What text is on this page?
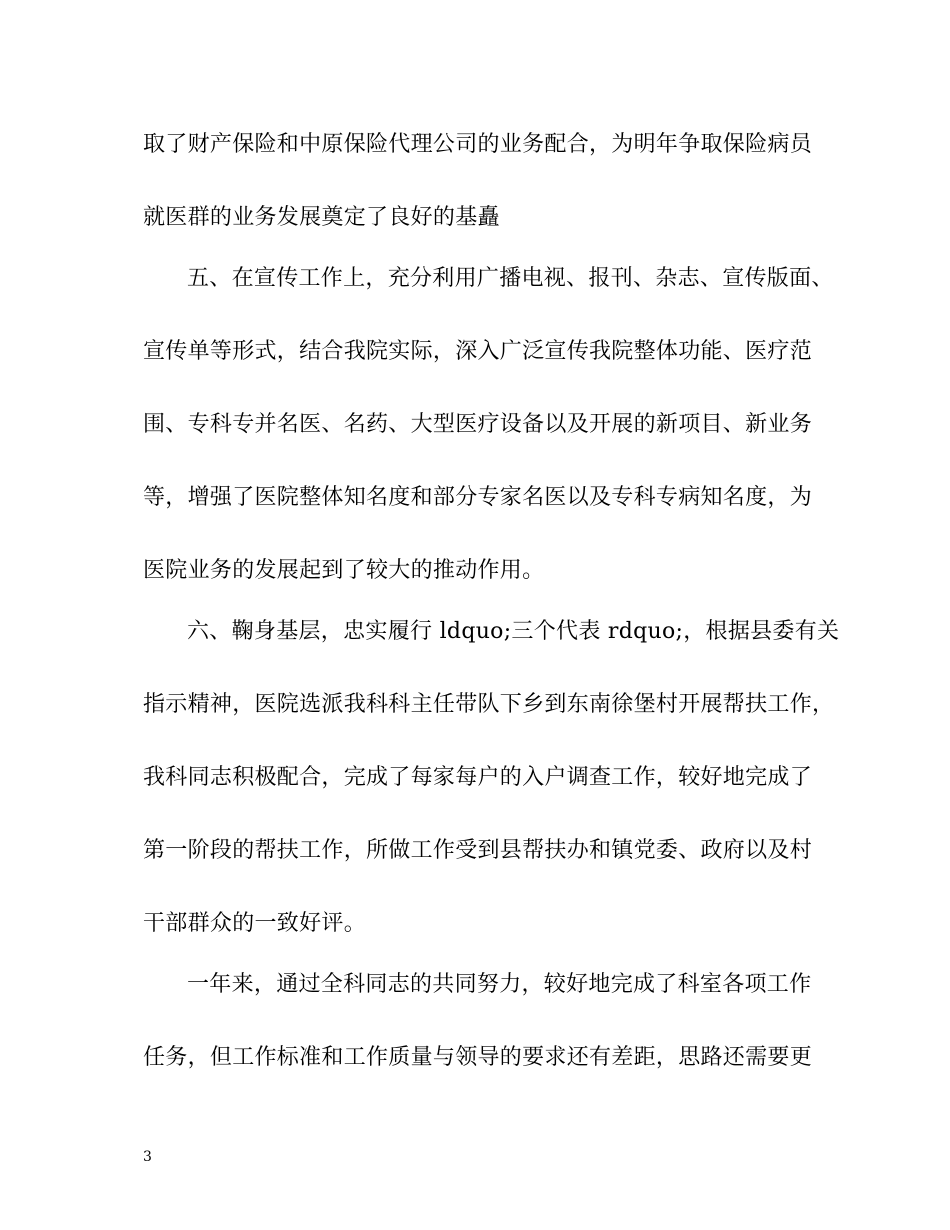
取了财产保险和中原保险代理公司的业务配合，为明年争取保险病员
就医群的业务发展奠定了良好的基矗
五、在宣传工作上，充分利用广播电视、报刊、杂志、宣传版面、
宣传单等形式，结合我院实际，深入广泛宣传我院整体功能、医疗范
围、专科专并名医、名药、大型医疗设备以及开展的新项目、新业务
等，增强了医院整体知名度和部分专家名医以及专科专病知名度，为
医院业务的发展起到了较大的推动作用。
六、鞠身基层，忠实履行 ldquo;三个代表 rdquo;，根据县委有关
指示精神，医院选派我科科主任带队下乡到东南徐堡村开展帮扶工作，
我科同志积极配合，完成了每家每户的入户调查工作，较好地完成了
第一阶段的帮扶工作，所做工作受到县帮扶办和镇党委、政府以及村
干部群众的一致好评。
一年来，通过全科同志的共同努力，较好地完成了科室各项工作
任务，但工作标准和工作质量与领导的要求还有差距，思路还需要更
3
